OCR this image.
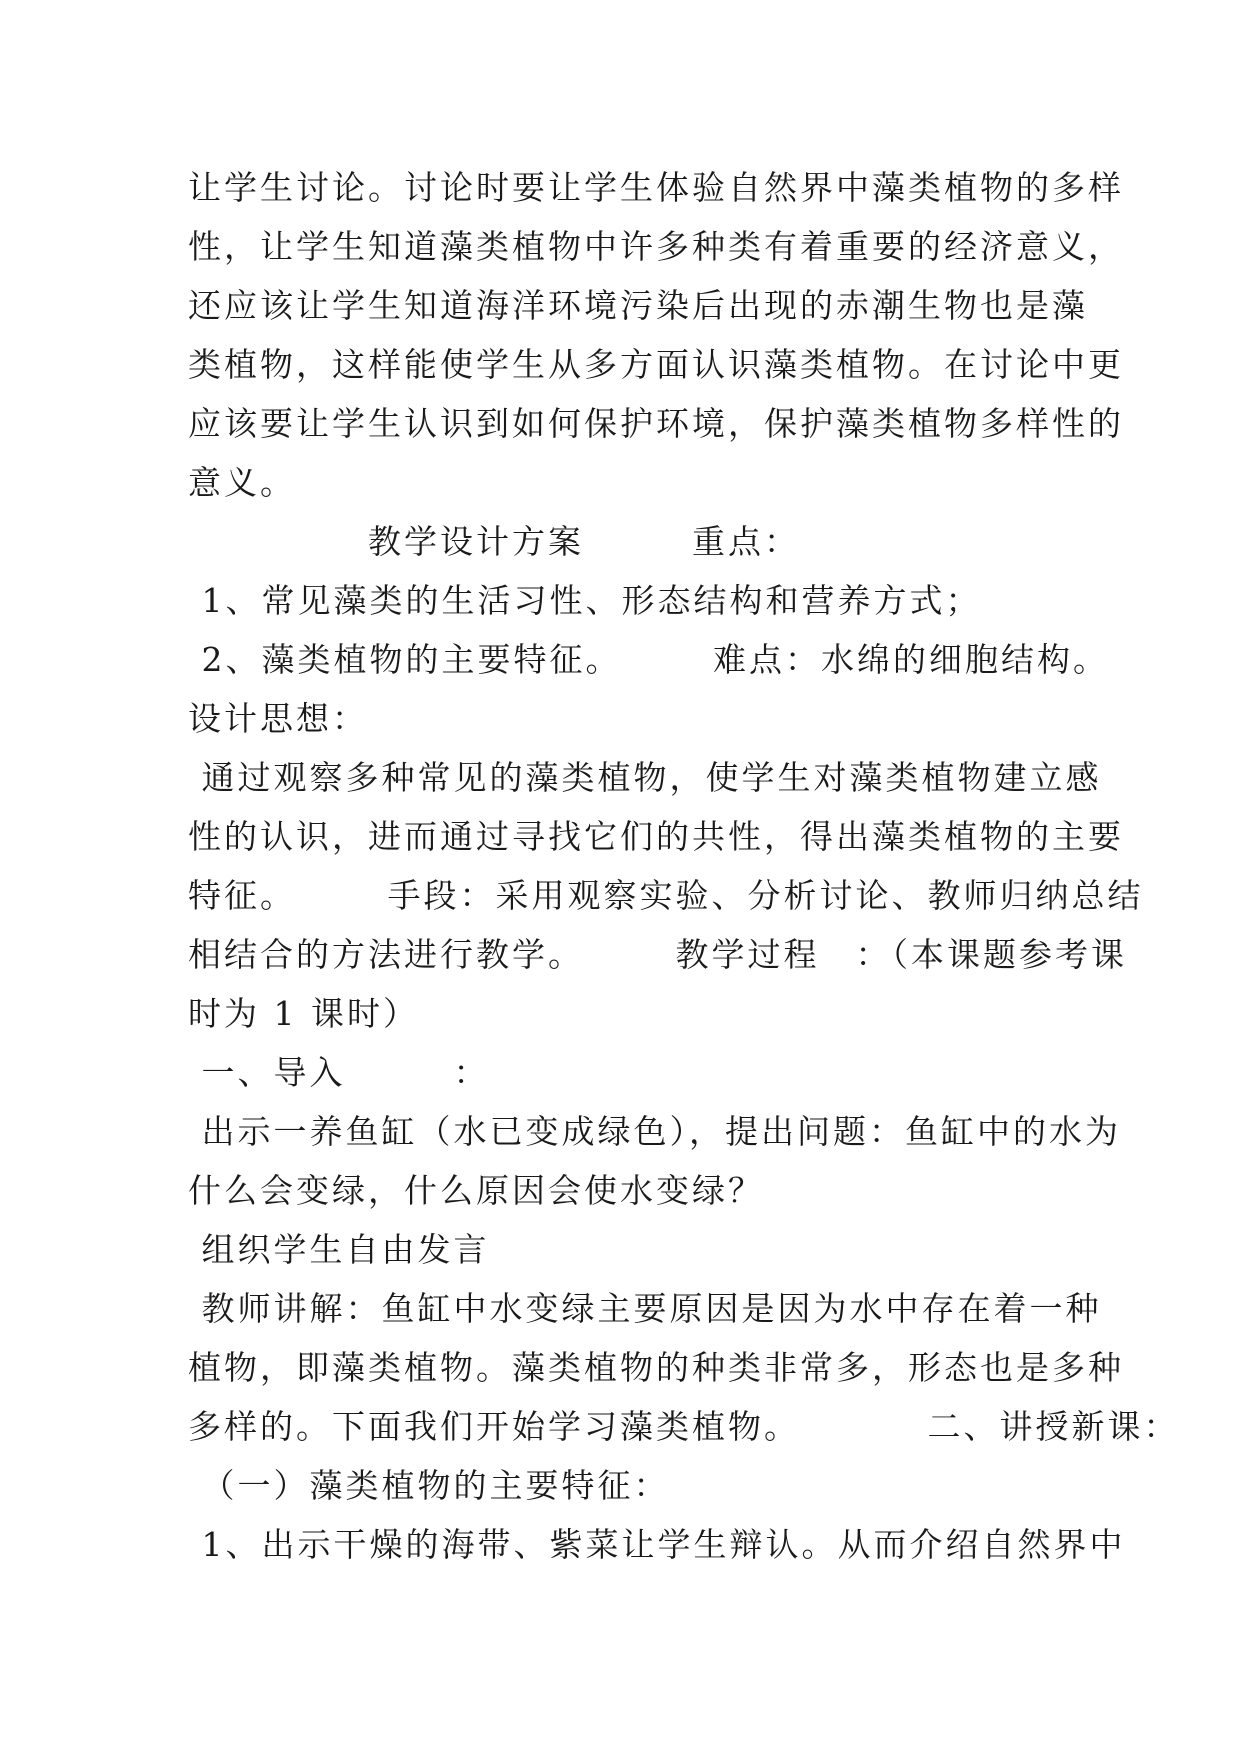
让学生讨论。讨论时要让学生体验自然界中藻类植物的多样
性，让学生知道藻类植物中许多种类有着重要的经济意义，
还应该让学生知道海洋环境污染后出现的赤潮生物也是藻
类植物，这样能使学生从多方面认识藻类植物。在讨论中更
应该要让学生认识到如何保护环境，保护藻类植物多样性的
意义。
　　　　　教学设计方案　　　重点：
1、常见藻类的生活习性、形态结构和营养方式；
2、藻类植物的主要特征。　　　难点：水绵的细胞结构。
设计思想：
通过观察多种常见的藻类植物，使学生对藻类植物建立感
性的认识，进而通过寻找它们的共性，得出藻类植物的主要
特征。　　　手段：采用观察实验、分析讨论、教师归纳总结
相结合的方法进行教学。　　　教学过程　：（本课题参考课
时为 1 课时）
一、导入　　　：
出示一养鱼缸（水已变成绿色），提出问题：鱼缸中的水为
什么会变绿，什么原因会使水变绿？
组织学生自由发言
教师讲解：鱼缸中水变绿主要原因是因为水中存在着一种
植物，即藻类植物。藻类植物的种类非常多，形态也是多种
多样的。下面我们开始学习藻类植物。　　　　二、讲授新课：
（一）藻类植物的主要特征：
1、出示干燥的海带、紫菜让学生辩认。从而介绍自然界中
